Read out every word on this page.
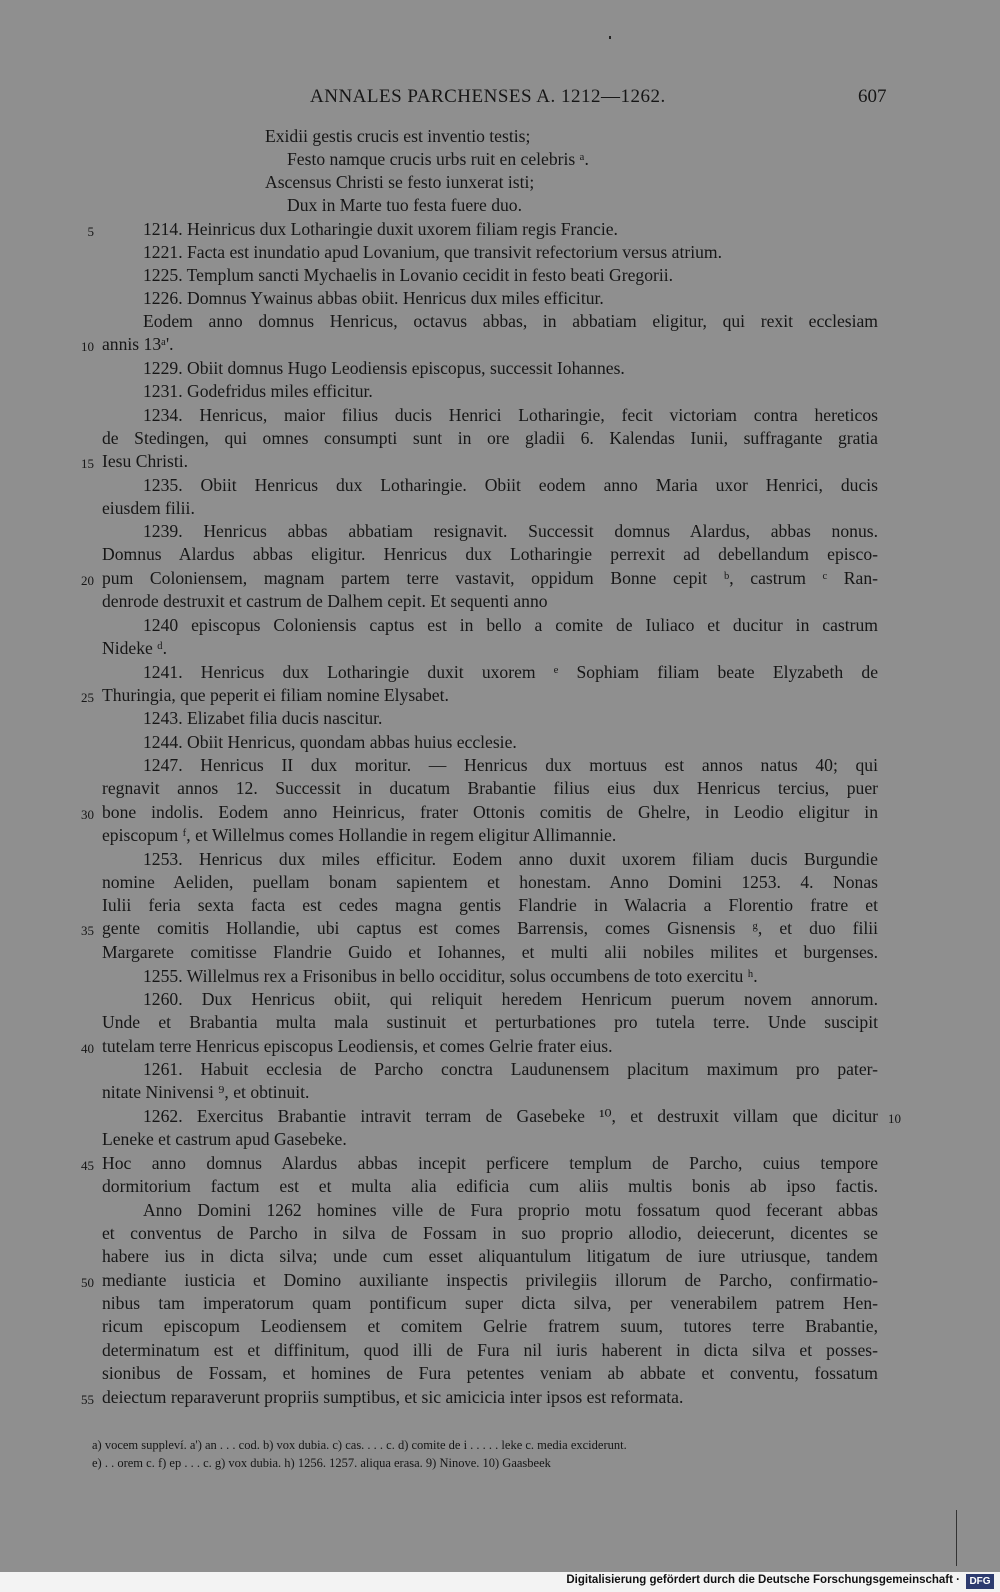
ANNALES PARCHENSES A. 1212—1262.	607
Exidii gestis crucis est inventio testis;
Festo namque crucis urbs ruit en celebris ᵃ.
Ascensus Christi se festo iunxerat isti;
Dux in Marte tuo festa fuere duo.
1214. Heinricus dux Lotharingie duxit uxorem filiam regis Francie.
1221. Facta est inundatio apud Lovanium, que transivit refectorium versus atrium.
1225. Templum sancti Mychaelis in Lovanio cecidit in festo beati Gregorii.
1226. Domnus Ywainus abbas obiit. Henricus dux miles efficitur.
Eodem anno domnus Henricus, octavus abbas, in abbatiam eligitur, qui rexit ecclesiam
annis 13ᵃ'.
1229. Obiit domnus Hugo Leodiensis episcopus, successit Iohannes.
1231. Godefridus miles efficitur.
1234. Henricus, maior filius ducis Henrici Lotharingie, fecit victoriam contra hereticos
de Stedingen, qui omnes consumpti sunt in ore gladii 6. Kalendas Iunii, suffragante gratia
Iesu Christi.
1235. Obiit Henricus dux Lotharingie. Obiit eodem anno Maria uxor Henrici, ducis
eiusdem filii.
1239. Henricus abbas abbatiam resignavit. Successit domnus Alardus, abbas nonus.
Domnus Alardus abbas eligitur. Henricus dux Lotharingie perrexit ad debellandum episco-
pum Coloniensem, magnam partem terre vastavit, oppidum Bonne cepit ᵇ, castrum ᶜ Ran-
denrode destruxit et castrum de Dalhem cepit. Et sequenti anno
1240 episcopus Coloniensis captus est in bello a comite de Iuliaco et ducitur in castrum
Nideke ᵈ.
1241. Henricus dux Lotharingie duxit uxorem ᵉ Sophiam filiam beate Elyzabeth de
Thuringia, que peperit ei filiam nomine Elysabet.
1243. Elizabet filia ducis nascitur.
1244. Obiit Henricus, quondam abbas huius ecclesie.
1247. Henricus II dux moritur. — Henricus dux mortuus est annos natus 40; qui
regnavit annos 12. Successit in ducatum Brabantie filius eius dux Henricus tercius, puer
bone indolis. Eodem anno Heinricus, frater Ottonis comitis de Ghelre, in Leodio eligitur in
episcopum ᶠ, et Willelmus comes Hollandie in regem eligitur Allimannie.
1253. Henricus dux miles efficitur. Eodem anno duxit uxorem filiam ducis Burgundie
nomine Aeliden, puellam bonam sapientem et honestam. Anno Domini 1253. 4. Nonas
Iulii feria sexta facta est cedes magna gentis Flandrie in Walacria a Florentio fratre et
gente comitis Hollandie, ubi captus est comes Barrensis, comes Gisnensis ᵍ, et duo filii
Margarete comitisse Flandrie Guido et Iohannes, et multi alii nobiles milites et burgenses.
1255. Willelmus rex a Frisonibus in bello occiditur, solus occumbens de toto exercitu ʰ.
1260. Dux Henricus obiit, qui reliquit heredem Henricum puerum novem annorum.
Unde et Brabantia multa mala sustinuit et perturbationes pro tutela terre. Unde suscipit
tutelam terre Henricus episcopus Leodiensis, et comes Gelrie frater eius.
1261. Habuit ecclesia de Parcho conctra Laudunensem placitum maximum pro pater-
nitate Ninivensi ⁹, et obtinuit.
1262. Exercitus Brabantie intravit terram de Gasebeke ¹⁰, et destruxit villam que dicitur
Leneke et castrum apud Gasebeke.
Hoc anno domnus Alardus abbas incepit perficere templum de Parcho, cuius tempore
dormitorium factum est et multa alia edificia cum aliis multis bonis ab ipso factis.
Anno Domini 1262 homines ville de Fura proprio motu fossatum quod fecerant abbas
et conventus de Parcho in silva de Fossam in suo proprio allodio, deiecerunt, dicentes se
habere ius in dicta silva; unde cum esset aliquantulum litigatum de iure utriusque, tandem
mediante iusticia et Domino auxiliante inspectis privilegiis illorum de Parcho, confirmatio-
nibus tam imperatorum quam pontificum super dicta silva, per venerabilem patrem Hen-
ricum episcopum Leodiensem et comitem Gelrie fratrem suum, tutores terre Brabantie,
determinatum est et diffinitum, quod illi de Fura nil iuris haberent in dicta silva et posses-
sionibus de Fossam, et homines de Fura petentes veniam ab abbate et conventu, fossatum
deiectum reparaverunt propriis sumptibus, et sic amicicia inter ipsos est reformata.
5
10
15
20
25
30
35
40
45
50
55
10
a) vocem suppleví. a') an . . . cod. b) vox dubia. c) cas. . . . c. d) comite de i . . . . . leke c. media exciderunt.
e) . . orem c. f) ep . . . c. g) vox dubia. h) 1256. 1257. aliqua erasa. 9) Ninove. 10) Gaasbeek
Digitalisierung gefördert durch die Deutsche Forschungsgemeinschaft · DFG
